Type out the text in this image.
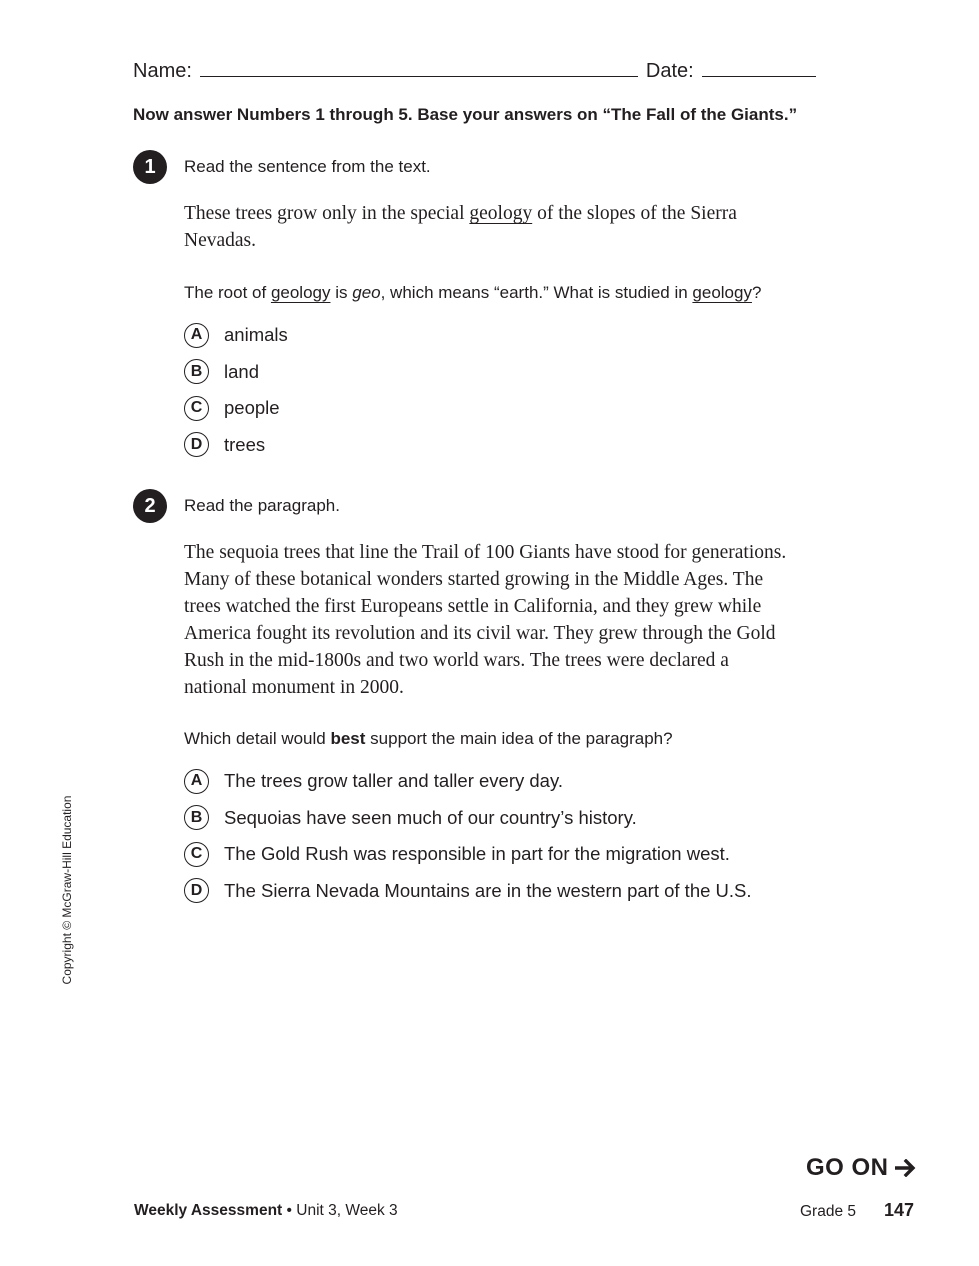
Name:	Date:
Now answer Numbers 1 through 5. Base your answers on “The Fall of the Giants.”
1	Read the sentence from the text.

These trees grow only in the special geology of the slopes of the Sierra

Nevadas.

The root of geology is geo, which means “earth.” What is studied in geology?
A	animals
B	land
C	people
D	trees
2	Read the paragraph.

The sequoia trees that line the Trail of 100 Giants have stood for generations.

Many of these botanical wonders started growing in the Middle Ages. The

trees watched the first Europeans settle in California, and they grew while

America fought its revolution and its civil war. They grew through the Gold

Rush in the mid-1800s and two world wars. The trees were declared a

national monument in 2000.

Which detail would best support the main idea of the paragraph?
A	The trees grow taller and taller every day.
B	Sequoias have seen much of our country’s history.
C	The Gold Rush was responsible in part for the migration west.
D	The Sierra Nevada Mountains are in the western part of the U.S.
Copyright © McGraw-Hill Education
GO ON
Weekly Assessment • Unit 3, Week 3	Grade 5 147
